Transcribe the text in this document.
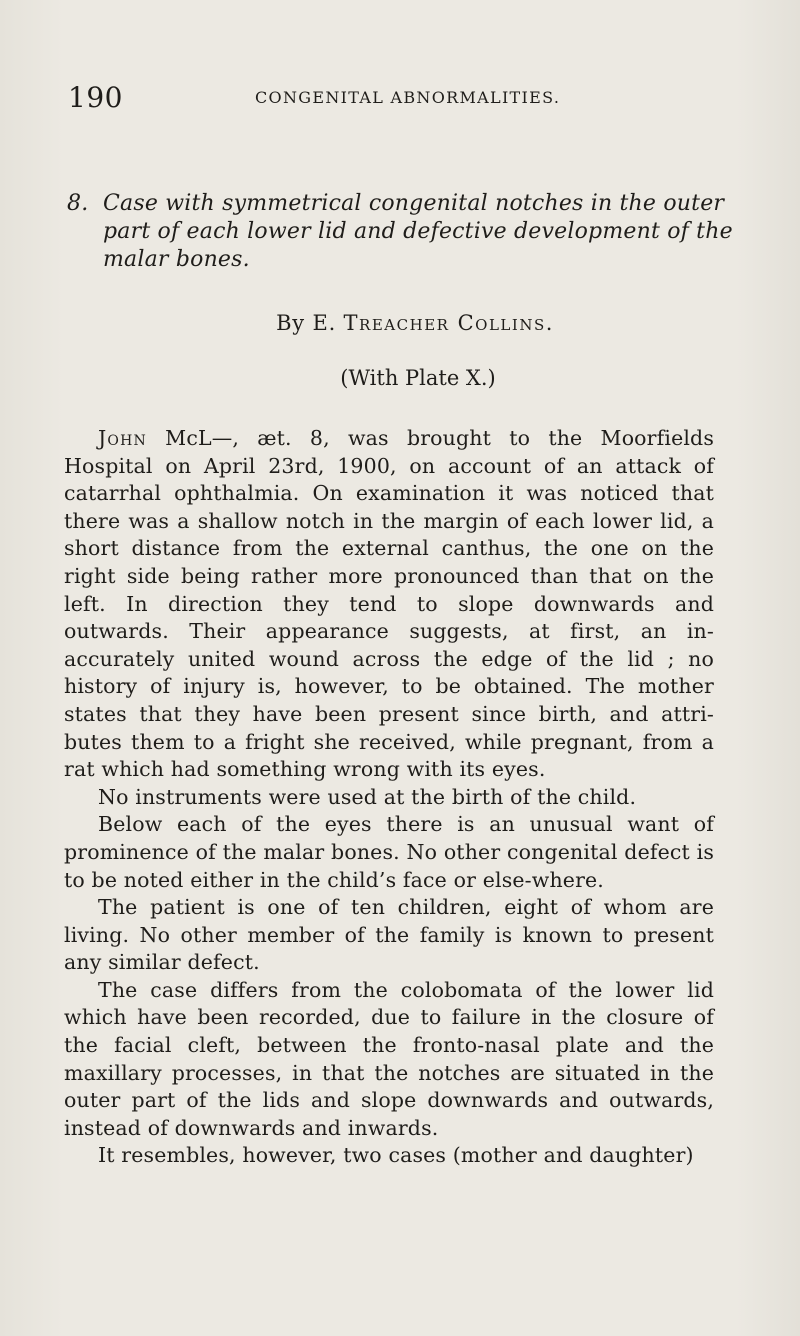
190	CONGENITAL ABNORMALITIES.
8. Case with symmetrical congenital notches in the outer part of each lower lid and defective development of the malar bones.
By E. Treacher Collins.
(With Plate X.)

John McL—, æt. 8, was brought to the Moorfields Hospital on April 23rd, 1900, on account of an attack of catarrhal ophthalmia. On examination it was noticed that there was a shallow notch in the margin of each lower lid, a short distance from the external canthus, the one on the right side being rather more pronounced than that on the left. In direction they tend to slope downwards and outwards. Their appearance suggests, at first, an in-accurately united wound across the edge of the lid ; no history of injury is, however, to be obtained. The mother states that they have been present since birth, and attri-butes them to a fright she received, while pregnant, from a rat which had something wrong with its eyes.

No instruments were used at the birth of the child.

Below each of the eyes there is an unusual want of prominence of the malar bones. No other congenital defect is to be noted either in the child’s face or else-where.

The patient is one of ten children, eight of whom are living. No other member of the family is known to present any similar defect.

The case differs from the colobomata of the lower lid which have been recorded, due to failure in the closure of the facial cleft, between the fronto-nasal plate and the maxillary processes, in that the notches are situated in the outer part of the lids and slope downwards and outwards, instead of downwards and inwards.

It resembles, however, two cases (mother and daughter)
